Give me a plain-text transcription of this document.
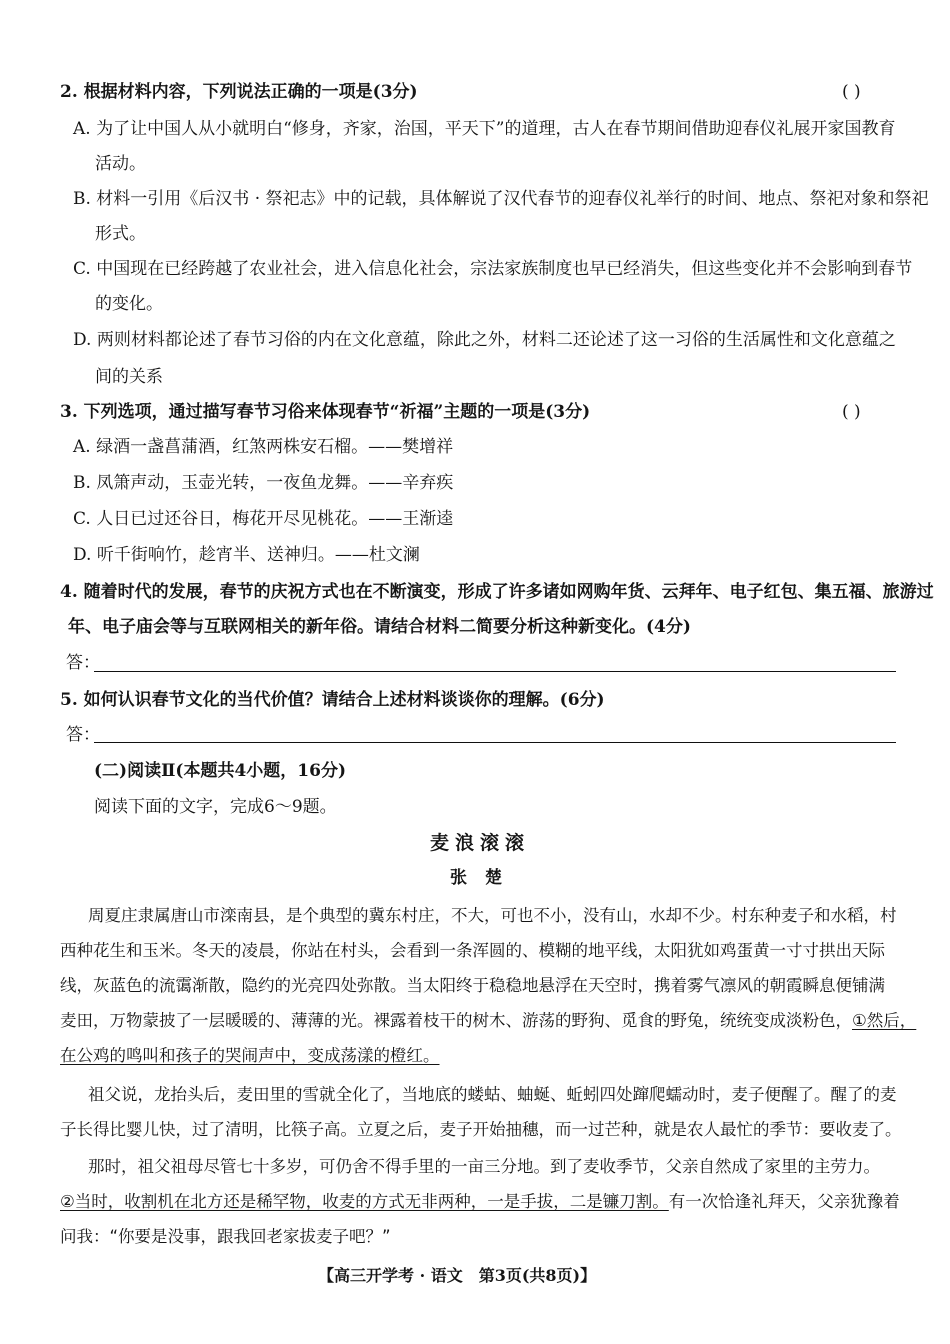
2. 根据材料内容，下列说法正确的一项是(3分)	( )
A. 为了让中国人从小就明白“修身，齐家，治国，平天下”的道理，古人在春节期间借助迎春仪礼展开家国教育
活动。
B. 材料一引用《后汉书 · 祭祀志》中的记载，具体解说了汉代春节的迎春仪礼举行的时间、地点、祭祀对象和祭祀
形式。
C. 中国现在已经跨越了农业社会，进入信息化社会，宗法家族制度也早已经消失，但这些变化并不会影响到春节
的变化。
D. 两则材料都论述了春节习俗的内在文化意蕴，除此之外，材料二还论述了这一习俗的生活属性和文化意蕴之
间的关系
3. 下列选项，通过描写春节习俗来体现春节“祈福”主题的一项是(3分)	( )
A. 绿酒一盏菖蒲酒，红煞两株安石榴。——樊增祥
B. 凤箫声动，玉壶光转，一夜鱼龙舞。——辛弃疾
C. 人日已过还谷日，梅花开尽见桃花。——王渐逵
D. 听千街响竹，趁宵半、送神归。——杜文澜
4. 随着时代的发展，春节的庆祝方式也在不断演变，形成了许多诸如网购年货、云拜年、电子红包、集五福、旅游过
年、电子庙会等与互联网相关的新年俗。请结合材料二简要分析这种新变化。(4分)
答：
5. 如何认识春节文化的当代价值？请结合上述材料谈谈你的理解。(6分)
答：
(二)阅读Ⅱ(本题共4小题，16分)
阅读下面的文字，完成6～9题。
麦浪滚滚
张楚
周夏庄隶属唐山市滦南县，是个典型的冀东村庄，不大，可也不小，没有山，水却不少。村东种麦子和水稻，村
西种花生和玉米。冬天的凌晨，你站在村头，会看到一条浑圆的、模糊的地平线，太阳犹如鸡蛋黄一寸寸拱出天际
线，灰蓝色的流霭渐散，隐约的光亮四处弥散。当太阳终于稳稳地悬浮在天空时，携着雾气凛风的朝霞瞬息便铺满
麦田，万物蒙披了一层暖暖的、薄薄的光。裸露着枝干的树木、游荡的野狗、觅食的野兔，统统变成淡粉色，①然后，
在公鸡的鸣叫和孩子的哭闹声中，变成荡漾的橙红。
祖父说，龙抬头后，麦田里的雪就全化了，当地底的蝼蛄、蚰蜒、蚯蚓四处蹿爬蠕动时，麦子便醒了。醒了的麦
子长得比婴儿快，过了清明，比筷子高。立夏之后，麦子开始抽穗，而一过芒种，就是农人最忙的季节：要收麦了。
那时，祖父祖母尽管七十多岁，可仍舍不得手里的一亩三分地。到了麦收季节，父亲自然成了家里的主劳力。
②当时，收割机在北方还是稀罕物，收麦的方式无非两种，一是手拔，二是镰刀割。有一次恰逢礼拜天，父亲犹豫着
问我：“你要是没事，跟我回老家拔麦子吧？”
【高三开学考 · 语文　第3页(共8页)】
